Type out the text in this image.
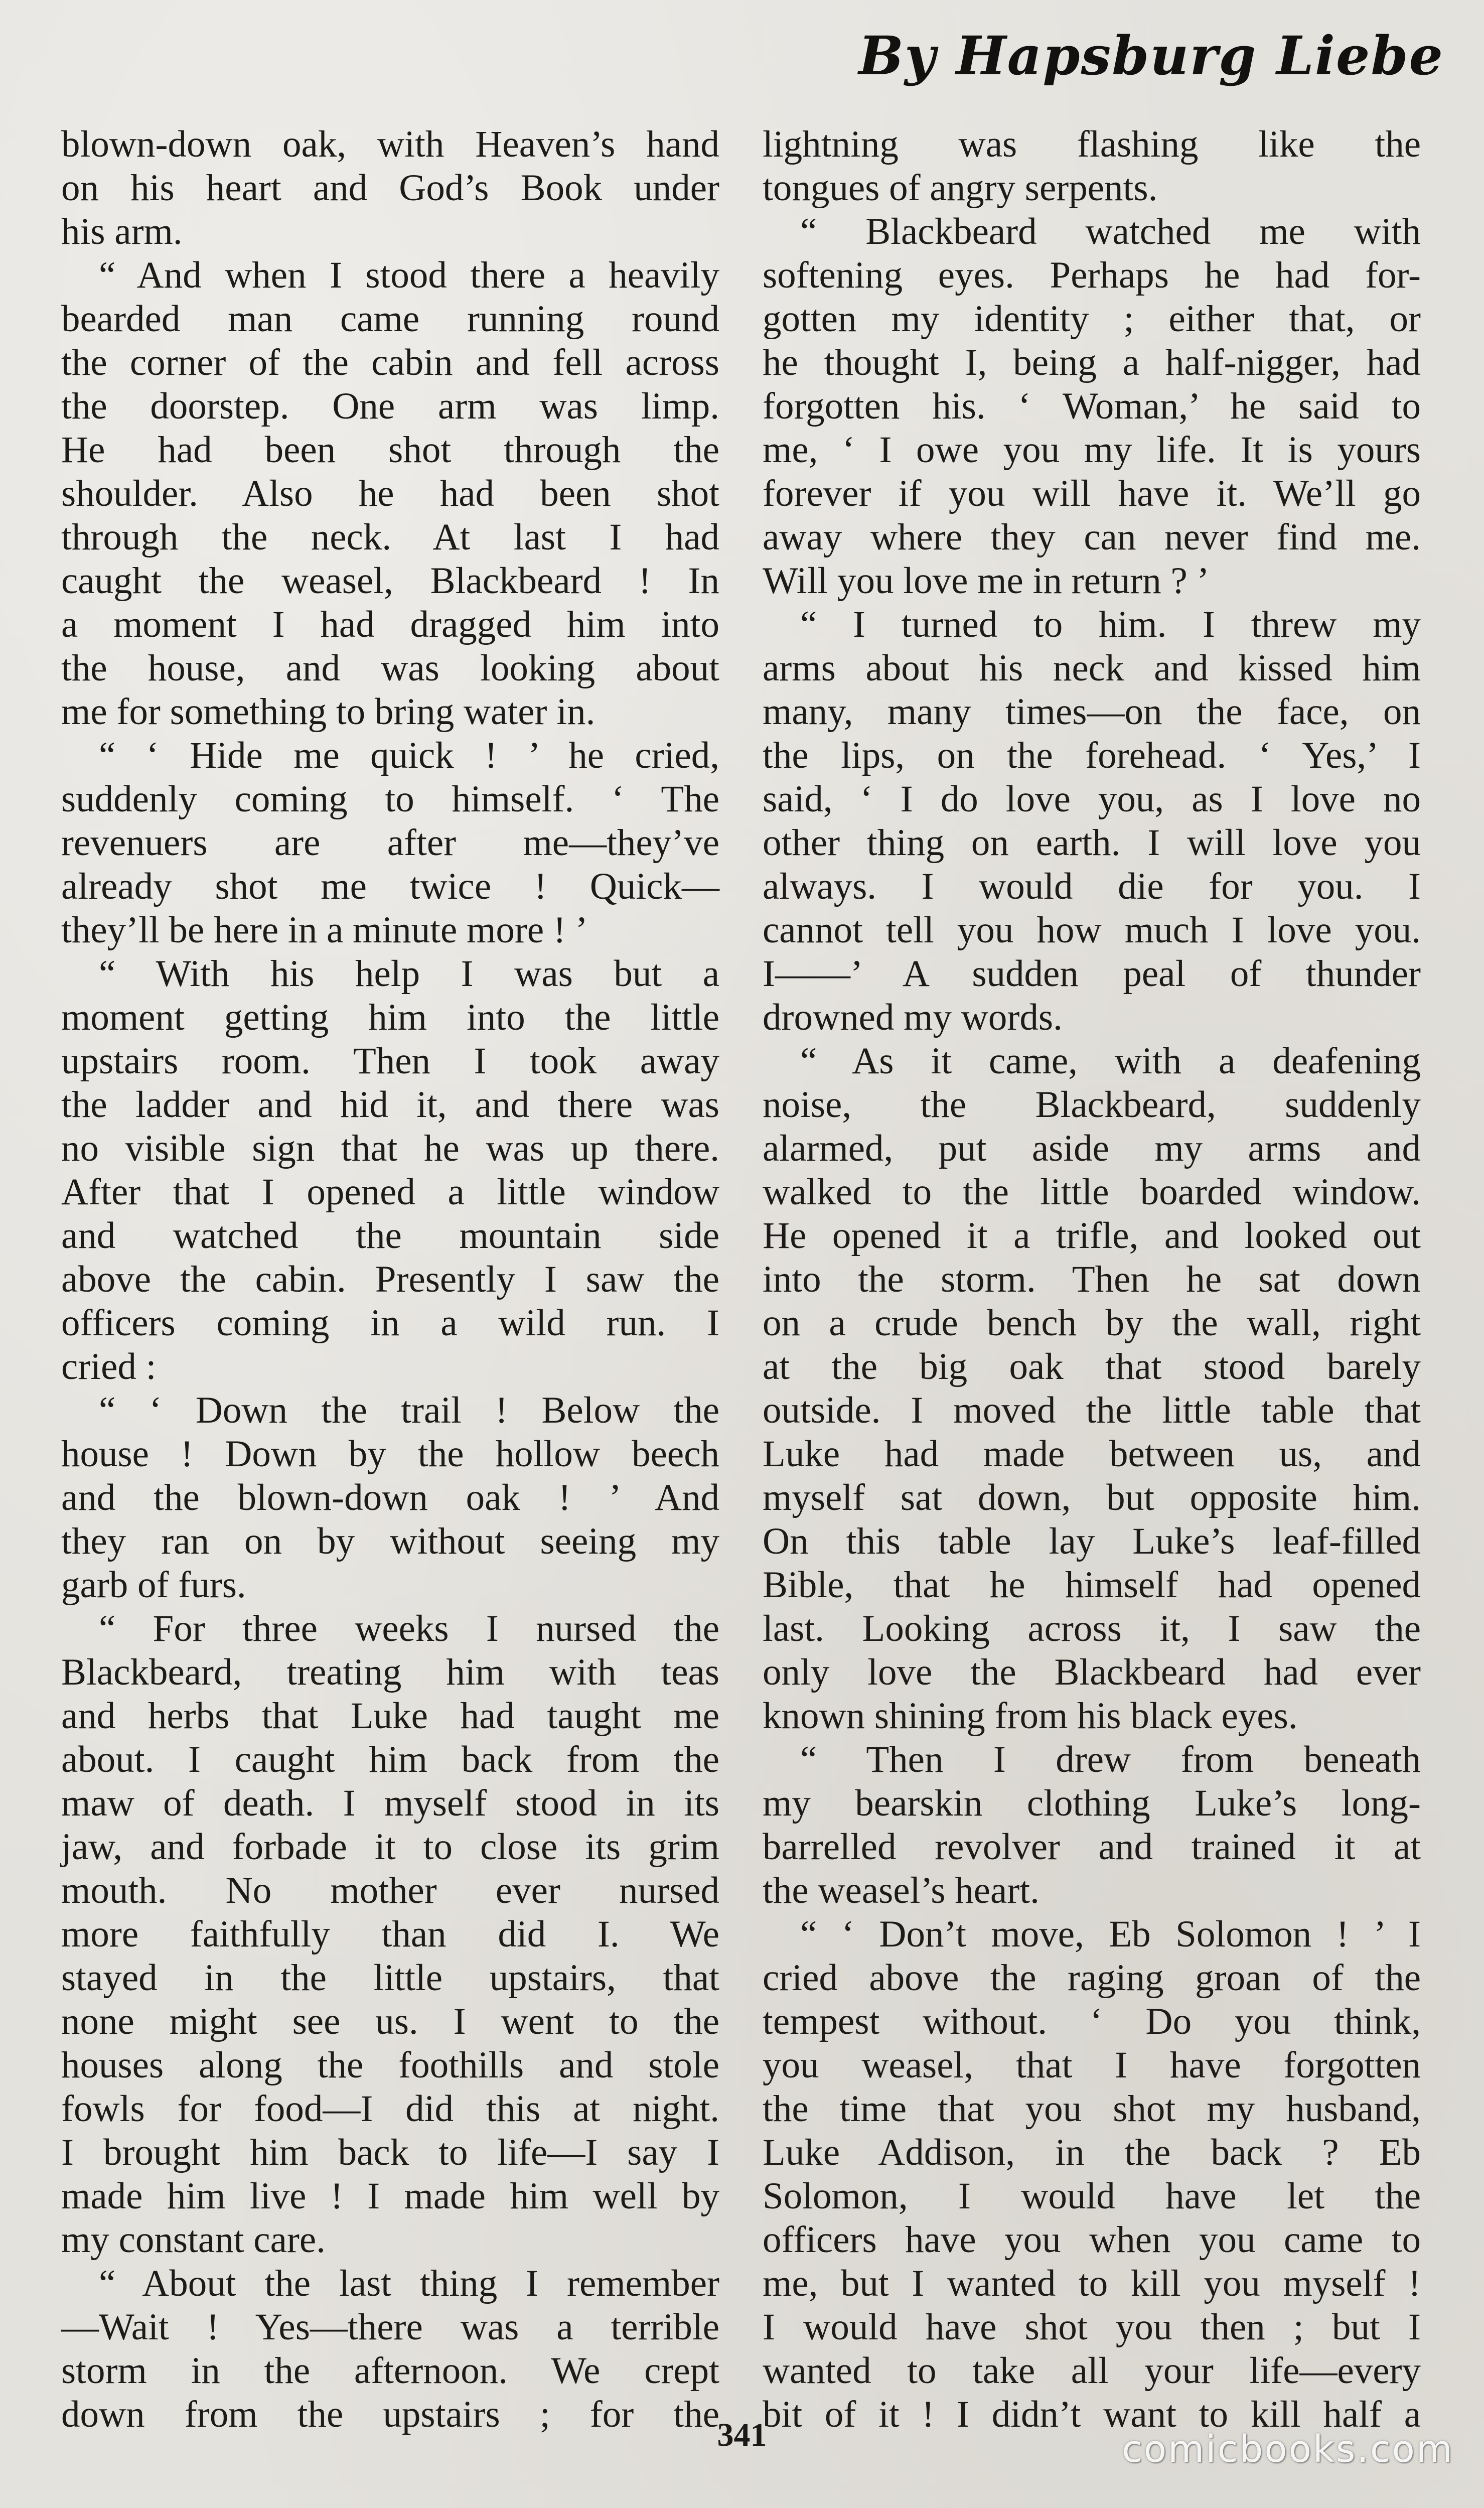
By Hapsburg Liebe
blown-down oak, with Heaven’s hand
on his heart and God’s Book under
his arm.
 “ And when I stood there a heavily
bearded man came running round
the corner of the cabin and fell across
the doorstep. One arm was limp.
He had been shot through the
shoulder. Also he had been shot
through the neck. At last I had
caught the weasel, Blackbeard ! In
a moment I had dragged him into
the house, and was looking about
me for something to bring water in.
 “ ‘ Hide me quick ! ’ he cried,
suddenly coming to himself. ‘ The
revenuers are after me—they’ve
already shot me twice ! Quick—
they’ll be here in a minute more ! ’
 “ With his help I was but a
moment getting him into the little
upstairs room. Then I took away
the ladder and hid it, and there was
no visible sign that he was up there.
After that I opened a little window
and watched the mountain side
above the cabin. Presently I saw the
officers coming in a wild run. I
cried :
 “ ‘ Down the trail ! Below the
house ! Down by the hollow beech
and the blown-down oak ! ’ And
they ran on by without seeing my
garb of furs.
 “ For three weeks I nursed the
Blackbeard, treating him with teas
and herbs that Luke had taught me
about. I caught him back from the
maw of death. I myself stood in its
jaw, and forbade it to close its grim
mouth. No mother ever nursed
more faithfully than did I. We
stayed in the little upstairs, that
none might see us. I went to the
houses along the foothills and stole
fowls for food—I did this at night.
I brought him back to life—I say I
made him live ! I made him well by
my constant care.
 “ About the last thing I remember
—Wait ! Yes—there was a terrible
storm in the afternoon. We crept
down from the upstairs ; for the
lightning was flashing like the
tongues of angry serpents.
 “ Blackbeard watched me with
softening eyes. Perhaps he had for-
gotten my identity ; either that, or
he thought I, being a half-nigger, had
forgotten his. ‘ Woman,’ he said to
me, ‘ I owe you my life. It is yours
forever if you will have it. We’ll go
away where they can never find me.
Will you love me in return ? ’
 “ I turned to him. I threw my
arms about his neck and kissed him
many, many times—on the face, on
the lips, on the forehead. ‘ Yes,’ I
said, ‘ I do love you, as I love no
other thing on earth. I will love you
always. I would die for you. I
cannot tell you how much I love you.
I——’ A sudden peal of thunder
drowned my words.
 “ As it came, with a deafening
noise, the Blackbeard, suddenly
alarmed, put aside my arms and
walked to the little boarded window.
He opened it a trifle, and looked out
into the storm. Then he sat down
on a crude bench by the wall, right
at the big oak that stood barely
outside. I moved the little table that
Luke had made between us, and
myself sat down, but opposite him.
On this table lay Luke’s leaf-filled
Bible, that he himself had opened
last. Looking across it, I saw the
only love the Blackbeard had ever
known shining from his black eyes.
 “ Then I drew from beneath
my bearskin clothing Luke’s long-
barrelled revolver and trained it at
the weasel’s heart.
 “ ‘ Don’t move, Eb Solomon ! ’ I
cried above the raging groan of the
tempest without. ‘ Do you think,
you weasel, that I have forgotten
the time that you shot my husband,
Luke Addison, in the back ? Eb
Solomon, I would have let the
officers have you when you came to
me, but I wanted to kill you myself !
I would have shot you then ; but I
wanted to take all your life—every
bit of it ! I didn’t want to kill half a
341	comicbooks.com
